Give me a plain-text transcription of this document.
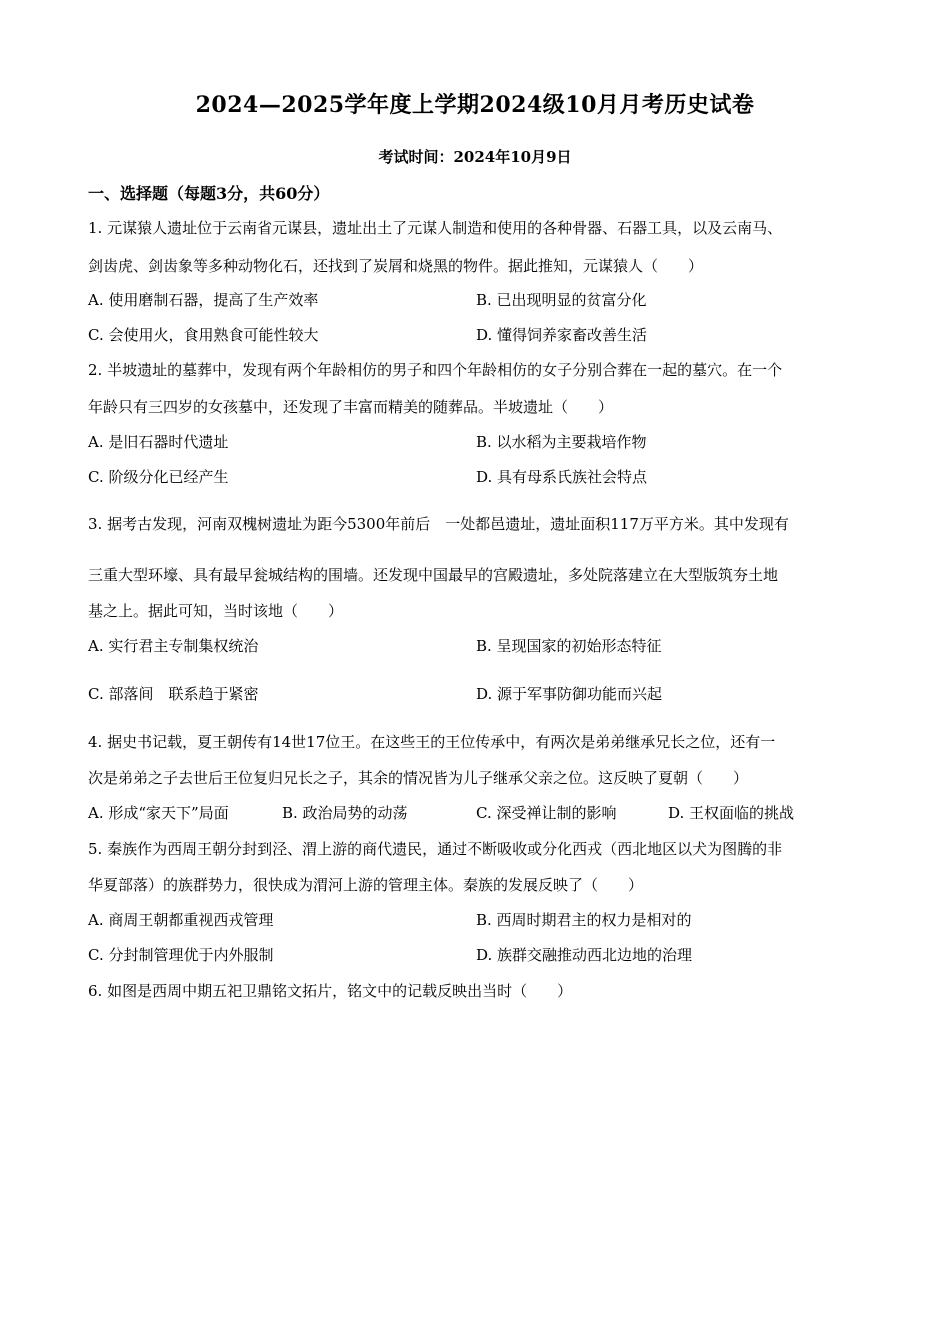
2024—2025学年度上学期2024级10月月考历史试卷
考试时间：2024年10月9日
一、选择题（每题3分，共60分）
1. 元谋猿人遗址位于云南省元谋县，遗址出土了元谋人制造和使用的各种骨器、石器工具，以及云南马、
剑齿虎、剑齿象等多种动物化石，还找到了炭屑和烧黑的物件。据此推知，元谋猿人（　　）
A. 使用磨制石器，提高了生产效率	B. 已出现明显的贫富分化
C. 会使用火，食用熟食可能性较大	D. 懂得饲养家畜改善生活
2. 半坡遗址的墓葬中，发现有两个年龄相仿的男子和四个年龄相仿的女子分别合葬在一起的墓穴。在一个
年龄只有三四岁的女孩墓中，还发现了丰富而精美的随葬品。半坡遗址（　　）
A. 是旧石器时代遗址	B. 以水稻为主要栽培作物
C. 阶级分化已经产生	D. 具有母系氏族社会特点
3. 据考古发现，河南双槐树遗址为距今5300年前后　一处都邑遗址，遗址面积117万平方米。其中发现有
三重大型环壕、具有最早瓮城结构的围墙。还发现中国最早的宫殿遗址，多处院落建立在大型版筑夯土地
基之上。据此可知，当时该地（　　）
A. 实行君主专制集权统治	B. 呈现国家的初始形态特征
C. 部落间　联系趋于紧密	D. 源于军事防御功能而兴起
4. 据史书记载，夏王朝传有14世17位王。在这些王的王位传承中，有两次是弟弟继承兄长之位，还有一
次是弟弟之子去世后王位复归兄长之子，其余的情况皆为儿子继承父亲之位。这反映了夏朝（　　）
A. 形成“家天下”局面	B. 政治局势的动荡	C. 深受禅让制的影响	D. 王权面临的挑战
5. 秦族作为西周王朝分封到泾、渭上游的商代遗民，通过不断吸收或分化西戎（西北地区以犬为图腾的非
华夏部落）的族群势力，很快成为渭河上游的管理主体。秦族的发展反映了（　　）
A. 商周王朝都重视西戎管理	B. 西周时期君主的权力是相对的
C. 分封制管理优于内外服制	D. 族群交融推动西北边地的治理
6. 如图是西周中期五祀卫鼎铭文拓片，铭文中的记载反映出当时（　　）
